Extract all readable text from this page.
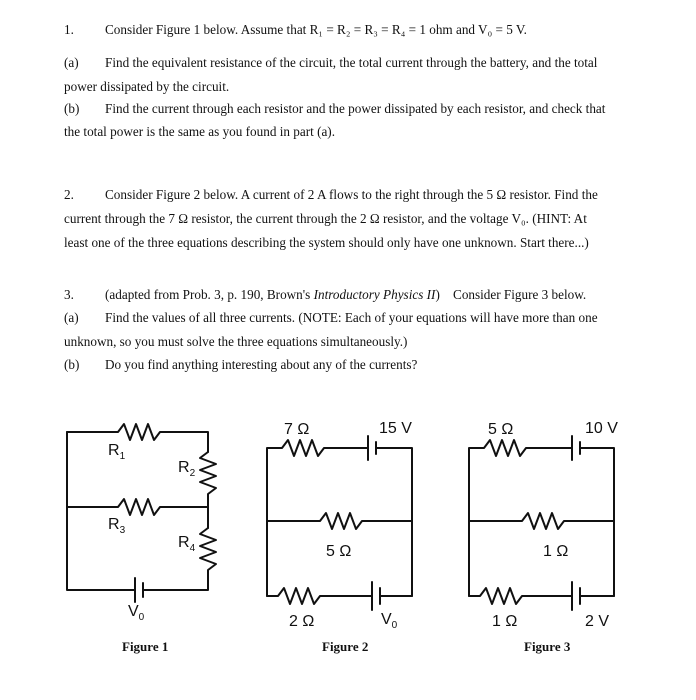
1. Consider Figure 1 below. Assume that R₁ = R₂ = R₃ = R₄ = 1 ohm and V₀ = 5 V.
(a) Find the equivalent resistance of the circuit, the total current through the battery, and the total
power dissipated by the circuit.
(b) Find the current through each resistor and the power dissipated by each resistor, and check that
the total power is the same as you found in part (a).
2. Consider Figure 2 below. A current of 2 A flows to the right through the 5 Ω resistor. Find the
current through the 7 Ω resistor, the current through the 2 Ω resistor, and the voltage V₀. (HINT: At
least one of the three equations describing the system should only have one unknown. Start there...)
3. (adapted from Prob. 3, p. 190, Brown's Introductory Physics II)    Consider Figure 3 below.
(a) Find the values of all three currents. (NOTE: Each of your equations will have more than one
unknown, so you must solve the three equations simultaneously.)
(b) Do you find anything interesting about any of the currents?
$R_1$
$R_2$
$R_3$
$R_4$
$V_0$
Figure 1
7 Ω	15 V
5 Ω
2 Ω	$V_0$
Figure 2
5 Ω	10 V
1 Ω
1 Ω	2 V
Figure 3
